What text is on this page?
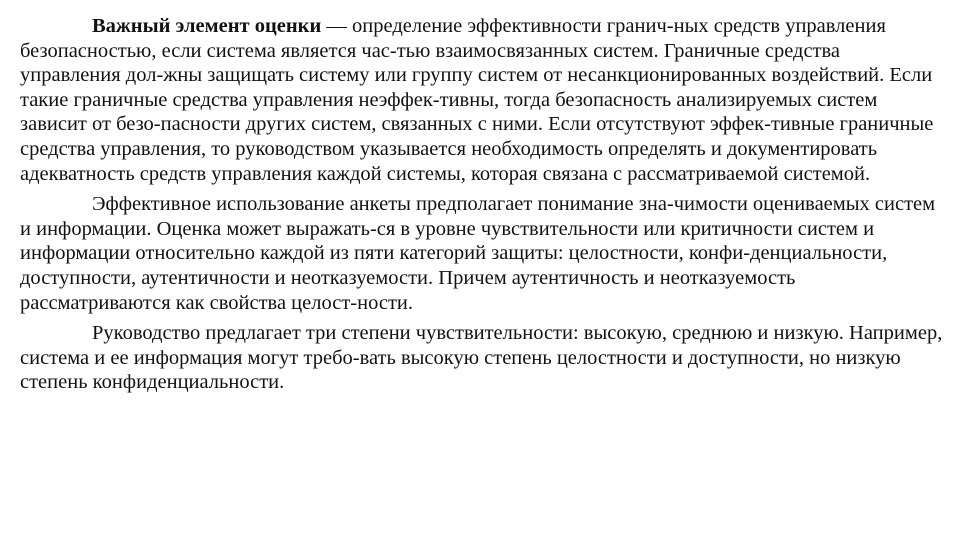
Важный элемент оценки — определение эффективности гранич-ных средств управления безопасностью, если система является час-тью взаимосвязанных систем. Граничные средства управления дол-жны защищать систему или группу систем от несанкционированных воздействий. Если такие граничные средства управления неэффек-тивны, тогда безопасность анализируемых систем зависит от безо-пасности других систем, связанных с ними. Если отсутствуют эффек-тивные граничные средства управления, то руководством указывается необходимость определять и документировать адекватность средств управления каждой системы, которая связана с рассматриваемой системой.

Эффективное использование анкеты предполагает понимание зна-чимости оцениваемых систем и информации. Оценка может выражать-ся в уровне чувствительности или критичности систем и информации относительно каждой из пяти категорий защиты: целостности, конфи-денциальности, доступности, аутентичности и неотказуемости. Причем аутентичность и неотказуемость рассматриваются как свойства целост-ности.

Руководство предлагает три степени чувствительности: высокую, среднюю и низкую. Например, система и ее информация могут требо-вать высокую степень целостности и доступности, но низкую степень конфиденциальности.
